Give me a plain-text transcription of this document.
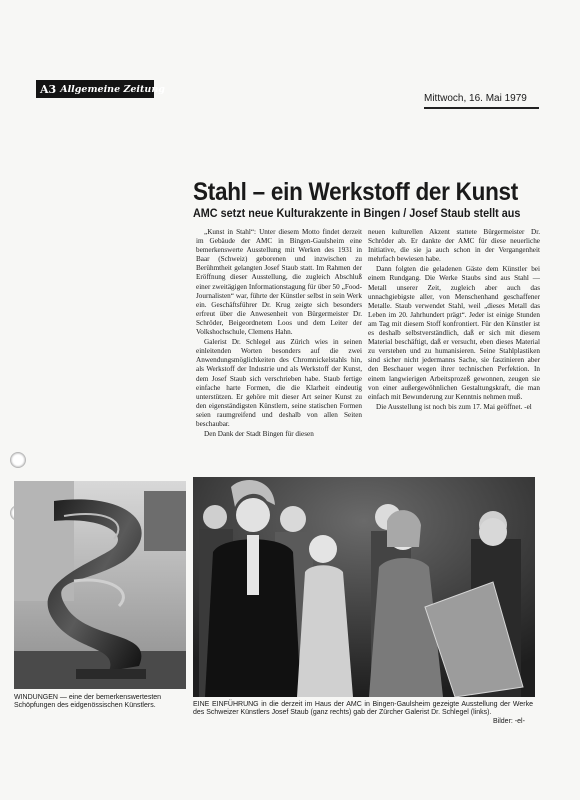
A3 Allgemeine Zeitung
Mittwoch, 16. Mai 1979
Stahl – ein Werkstoff der Kunst
AMC setzt neue Kulturakzente in Bingen / Josef Staub stellt aus

„Kunst in Stahl“: Unter diesem Motto findet derzeit im Gebäude der AMC in Bingen-Gaulsheim eine bemerkenswerte Ausstellung mit Werken des 1931 in Baar (Schweiz) geborenen und inzwischen zu Berühmtheit gelangten Josef Staub statt. Im Rahmen der Eröffnung dieser Ausstellung, die zugleich Abschluß einer zweitägigen Informationstagung für über 50 „Food-Journalisten“ war, führte der Künstler selbst in sein Werk ein. Geschäftsführer Dr. Krug zeigte sich besonders erfreut über die Anwesenheit von Bürgermeister Dr. Schröder, Beigeordnetem Loos und dem Leiter der Volkshochschule, Clemens Hahn.

Galerist Dr. Schlegel aus Zürich wies in seinen einleitenden Worten besonders auf die zwei Anwendungsmöglichkeiten des Chromnickelstahls hin, als Werkstoff der Industrie und als Werkstoff der Kunst, dem Josef Staub sich verschrieben habe. Staub fertige einfache harte Formen, die die Klarheit eindeutig unterstützen. Er gehöre mit dieser Art seiner Kunst zu den eigenständigsten Künstlern, seine statischen Formen seien raumgreifend und deshalb von allen Seiten beschaubar.

Den Dank der Stadt Bingen für diesen

neuen kulturellen Akzent stattete Bürgermeister Dr. Schröder ab. Er dankte der AMC für diese neuerliche Initiative, die sie ja auch schon in der Vergangenheit mehrfach bewiesen habe.

Dann folgten die geladenen Gäste dem Künstler bei einem Rundgang. Die Werke Staubs sind aus Stahl — Metall unserer Zeit, zugleich aber auch das unnachgiebigste aller, von Menschenhand geschaffener Metalle. Staub verwendet Stahl, weil „dieses Metall das Leben im 20. Jahrhundert prägt“. Jeder ist einige Stunden am Tag mit diesem Stoff konfrontiert. Für den Künstler ist es deshalb selbstverständlich, daß er sich mit diesem Material beschäftigt, daß er versucht, eben dieses Material zu verstehen und zu humanisieren. Seine Stahlplastiken sind sicher nicht jedermanns Sache, sie faszinieren aber den Beschauer wegen ihrer technischen Perfektion. In einem langwierigen Arbeitsprozeß gewonnen, zeugen sie von einer außergewöhnlichen Gestaltungskraft, die man einfach mit Bewunderung zur Kenntnis nehmen muß.

Die Ausstellung ist noch bis zum 17. Mai geöffnet. -el

WINDUNGEN — eine der bemerkenswertesten Schöpfungen des eidgenössischen Künstlers.	EINE EINFÜHRUNG in die derzeit im Haus der AMC in Bingen-Gaulsheim gezeigte Ausstellung der Werke des Schweizer Künstlers Josef Staub (ganz rechts) gab der Zürcher Galerist Dr. Schlegel (links).
Bilder: -el-
